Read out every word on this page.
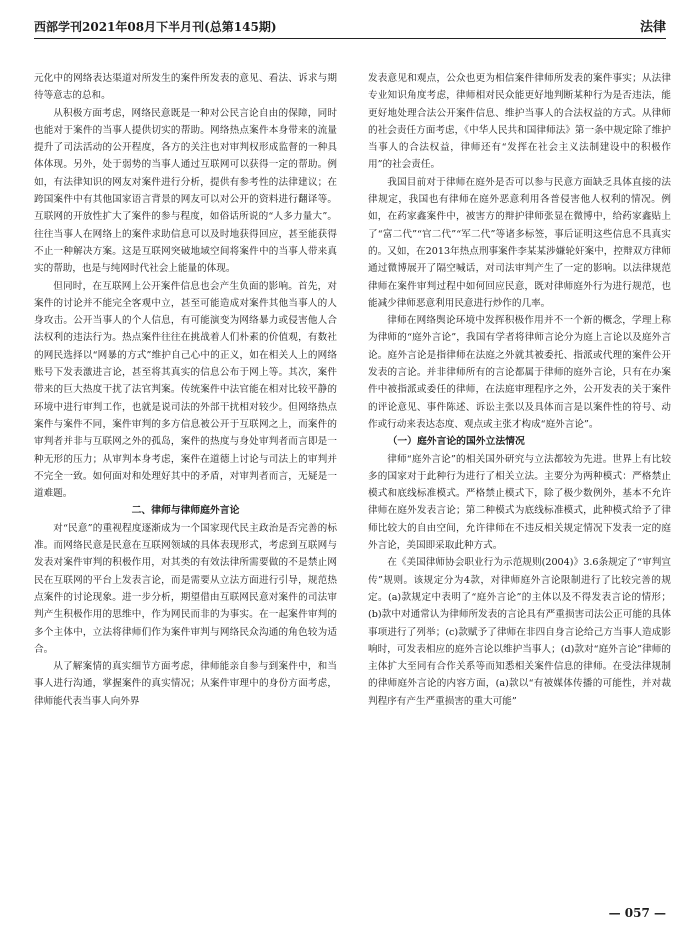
西部学刊2021年08月下半月刊(总第145期)	法律

元化中的网络表达渠道对所发生的案件所发表的意见、看法、诉求与期待等意志的总和。

从积极方面考虑，网络民意既是一种对公民言论自由的保障，同时也能对于案件的当事人提供切实的帮助。网络热点案件本身带来的流量提升了司法活动的公开程度，各方的关注也对审判权形成监督的一种具体体现。另外，处于弱势的当事人通过互联网可以获得一定的帮助。例如，有法律知识的网友对案件进行分析，提供有参考性的法律建议；在跨国案件中有其他国家语言背景的网友可以对公开的资料进行翻译等。互联网的开放性扩大了案件的参与程度，如俗话所说的“人多力量大”。往往当事人在网络上的案件求助信息可以及时地获得回应，甚至能获得不止一种解决方案。这是互联网突破地域空间将案件中的当事人带来真实的帮助，也是与纯网时代社会上能量的体现。

但同时，在互联网上公开案件信息也会产生负面的影响。首先，对案件的讨论并不能完全客观中立，甚至可能造成对案件其他当事人的人身攻击。公开当事人的个人信息，有可能演变为网络暴力或侵害他人合法权利的违法行为。热点案件往往在挑战着人们朴素的价值观，有数社的网民选择以“网暴的方式”维护自己心中的正义，如在相关人上的网络账号下发表激进言论，甚至将其真实的信息公布于网上等。其次，案件带来的巨大热度干扰了法官判案。传统案件中法官能在相对比较平静的环境中进行审判工作，也就是说司法的外部干扰相对较少。但网络热点案件与案件不同，案件审判的多方信息被公开于互联网之上，而案件的审判者并非与互联网之外的孤岛，案件的热度与身处审判者而言即是一种无形的压力；从审判本身考虑，案件在道德上讨论与司法上的审判并不完全一致。如何面对和处理好其中的矛盾，对审判者而言，无疑是一道难题。

二、律师与律师庭外言论

对“民意”的重视程度逐渐成为一个国家现代民主政治是否完善的标准。而网络民意是民意在互联网领域的具体表现形式，考虑到互联网与发表对案件审判的积极作用，对其类的有效法律所需要做的不是禁止网民在互联网的平台上发表言论，而是需要从立法方面进行引导，规范热点案件的讨论现象。进一步分析，期望借由互联网民意对案件的司法审判产生积极作用的思维中，作为网民而非的为事实。在一起案件审判的多个主体中，立法将律师们作为案件审判与网络民众沟通的角色较为适合。

从了解案情的真实细节方面考虑，律师能亲自参与到案件中，和当事人进行沟通，掌握案件的真实情况；从案件审理中的身份方面考虑，律师能代表当事人向外界

发表意见和观点，公众也更为相信案件律师所发表的案件事实；从法律专业知识角度考虑，律师相对民众能更好地判断某种行为是否违法，能更好地处理合法公开案件信息、维护当事人的合法权益的方式。从律师的社会责任方面考虑，《中华人民共和国律师法》第一条中规定除了维护当事人的合法权益，律师还有“发挥在社会主义法制建设中的积极作用”的社会责任。

我国目前对于律师在庭外是否可以参与民意方面缺乏具体直接的法律规定，我国也有律师在庭外恶意利用各普侵害他人权利的情况。例如，在药家鑫案件中，被害方的辩护律师张显在微博中，给药家鑫贴上了“富二代”“官二代”“军二代”等诸多标签，事后证明这些信息不具真实的。又如，在2013年热点刑事案件李某某涉嫌轮奸案中，控辩双方律师通过微博展开了隔空喊话，对司法审判产生了一定的影响。以法律规范律师在案件审判过程中如何回应民意，既对律师庭外行为进行规范，也能减少律师恶意利用民意进行炒作的几率。

律师在网络舆论环境中发挥积极作用并不一个新的概念，学理上称为律师的“庭外言论”，我国有学者将律师言论分为庭上言论以及庭外言论。庭外言论是指律师在法庭之外就其被委托、指派或代理的案件公开发表的言论。并非律师所有的言论都属于律师的庭外言论，只有在办案件中被指派或委任的律师，在法庭审理程序之外，公开发表的关于案件的评论意见、事件陈述、诉讼主张以及具体而言是以案件性的符号、动作或行动来表达态度、观点或主张才构成“庭外言论”。

（一）庭外言论的国外立法情况

律师“庭外言论”的相关国外研究与立法都较为先进。世界上有比较多的国家对于此种行为进行了相关立法。主要分为两种模式：严格禁止模式和底线标准模式。严格禁止模式下，除了极少数例外，基本不允许律师在庭外发表言论；第二种模式为底线标准模式，此种模式给予了律师比较大的自由空间，允许律师在不违反相关规定情况下发表一定的庭外言论，美国即采取此种方式。

在《美国律师协会职业行为示范规则(2004)》3.6条规定了“审判宣传”规则。该规定分为4款，对律师庭外言论限制进行了比较完善的规定。(a)款规定中表明了“庭外言论”的主体以及不得发表言论的情形；(b)款中对通常认为律师所发表的言论具有严重损害司法公正可能的具体事项进行了列举；(c)款赋予了律师在非四自身言论给己方当事人造成影响时，可发表相应的庭外言论以维护当事人；(d)款对“庭外言论”律师的主体扩大至同有合作关系等而知悉相关案件信息的律师。在受法律规制的律师庭外言论的内容方面，(a)款以“有被媒体传播的可能性，并对裁判程序有产生严重损害的重大可能”

— 057 —
